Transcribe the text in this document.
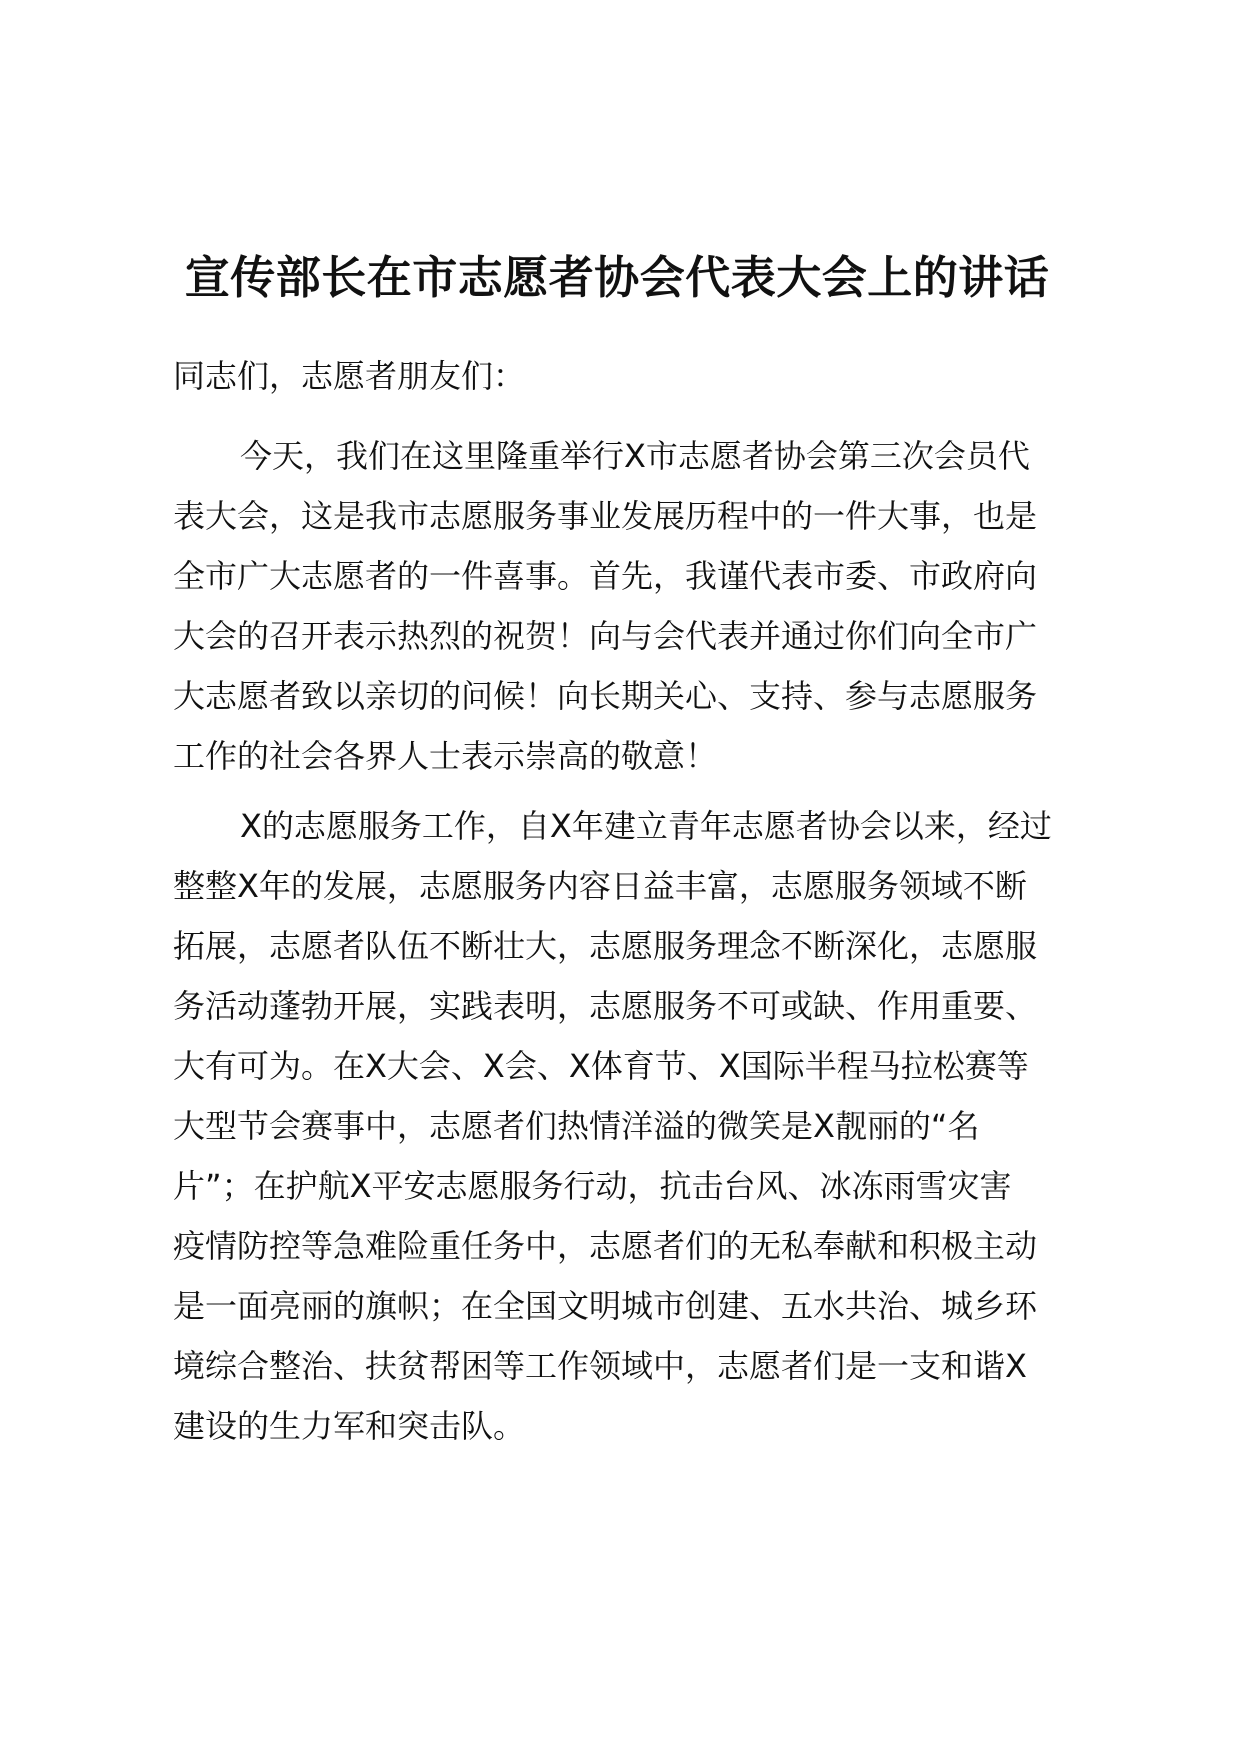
宣传部长在市志愿者协会代表大会上的讲话
同志们，志愿者朋友们：
今天，我们在这里隆重举行X市志愿者协会第三次会员代
表大会，这是我市志愿服务事业发展历程中的一件大事，也是
全市广大志愿者的一件喜事。首先，我谨代表市委、市政府向
大会的召开表示热烈的祝贺！向与会代表并通过你们向全市广
大志愿者致以亲切的问候！向长期关心、支持、参与志愿服务
工作的社会各界人士表示崇高的敬意！
X的志愿服务工作，自X年建立青年志愿者协会以来，经过
整整X年的发展，志愿服务内容日益丰富，志愿服务领域不断
拓展，志愿者队伍不断壮大，志愿服务理念不断深化，志愿服
务活动蓬勃开展，实践表明，志愿服务不可或缺、作用重要、
大有可为。在X大会、X会、X体育节、X国际半程马拉松赛等
大型节会赛事中，志愿者们热情洋溢的微笑是X靓丽的“名
片”；在护航X平安志愿服务行动，抗击台风、冰冻雨雪灾害
疫情防控等急难险重任务中，志愿者们的无私奉献和积极主动
是一面亮丽的旗帜；在全国文明城市创建、五水共治、城乡环
境综合整治、扶贫帮困等工作领域中，志愿者们是一支和谐X
建设的生力军和突击队。
